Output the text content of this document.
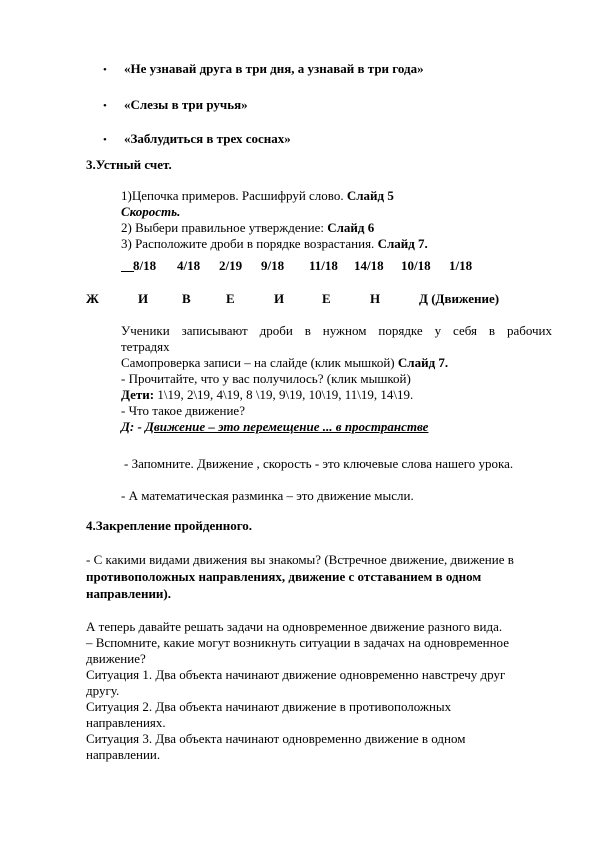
• «Не узнавай друга в три дня, а узнавай в три года»
• «Слезы в три ручья»
• «Заблудиться в трех соснах»
3.Устный счет.
1)Цепочка примеров. Расшифруй слово. Слайд 5
Скорость.
2) Выбери правильное утверждение: Слайд 6
3) Расположите дроби в порядке возрастания. Слайд 7.

8/18 4/18 2/19 9/18 11/18 14/18 10/18 1/18
Ж	И	В	Е	И	Е	Н	Д (Движение)
Ученики записывают дроби в нужном порядке у себя в рабочих
тетрадях
Самопроверка записи – на слайде (клик мышкой) Слайд 7.
- Прочитайте, что у вас получилось? (клик мышкой)
Дети: 1\19, 2\19, 4\19, 8 \19, 9\19, 10\19, 11\19, 14\19.
- Что такое движение?
Д: - Движение – это перемещение ... в пространстве
- Запомните. Движение , скорость - это ключевые слова нашего урока.
- А математическая разминка – это движение мысли.
4.Закрепление пройденного.
- С какими видами движения вы знакомы? (Встречное движение, движение в
противоположных направлениях, движение с отставанием в одном
направлении).
А теперь давайте решать задачи на одновременное движение разного вида.
– Вспомните, какие могут возникнуть ситуации в задачах на одновременное
движение?
Ситуация 1. Два объекта начинают движение одновременно навстречу друг
другу.
Ситуация 2. Два объекта начинают движение в противоположных
направлениях.
Ситуация 3. Два объекта начинают одновременно движение в одном
направлении.
